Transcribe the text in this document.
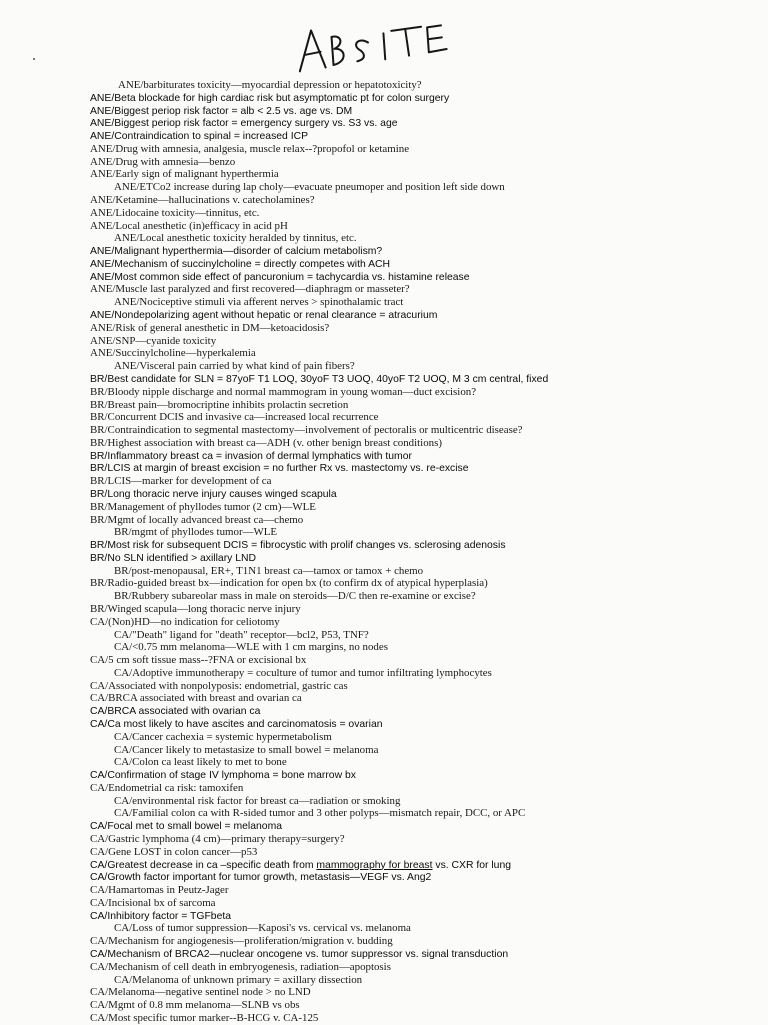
ANE/barbiturates toxicity—myocardial depression or hepatotoxicity?
ANE/Beta blockade for high cardiac risk but asymptomatic pt for colon surgery
ANE/Biggest periop risk factor = alb < 2.5 vs. age vs. DM
ANE/Biggest periop risk factor = emergency surgery vs. S3 vs. age
ANE/Contraindication to spinal = increased ICP
ANE/Drug with amnesia, analgesia, muscle relax--?propofol or ketamine
ANE/Drug with amnesia—benzo
ANE/Early sign of malignant hyperthermia
ANE/ETCo2 increase during lap choly—evacuate pneumoper and position left side down
ANE/Ketamine—hallucinations v. catecholamines?
ANE/Lidocaine toxicity—tinnitus, etc.
ANE/Local anesthetic (in)efficacy in acid pH
ANE/Local anesthetic toxicity heralded by tinnitus, etc.
ANE/Malignant hyperthermia—disorder of calcium metabolism?
ANE/Mechanism of succinylcholine = directly competes with ACH
ANE/Most common side effect of pancuronium = tachycardia vs. histamine release
ANE/Muscle last paralyzed and first recovered—diaphragm or masseter?
ANE/Nociceptive stimuli via afferent nerves > spinothalamic tract
ANE/Nondepolarizing agent without hepatic or renal clearance = atracurium
ANE/Risk of general anesthetic in DM—ketoacidosis?
ANE/SNP—cyanide toxicity
ANE/Succinylcholine—hyperkalemia
ANE/Visceral pain carried by what kind of pain fibers?
BR/Best candidate for SLN = 87yoF T1 LOQ, 30yoF T3 UOQ, 40yoF T2 UOQ, M 3 cm central, fixed
BR/Bloody nipple discharge and normal mammogram in young woman—duct excision?
BR/Breast pain—bromocriptine inhibits prolactin secretion
BR/Concurrent DCIS and invasive ca—increased local recurrence
BR/Contraindication to segmental mastectomy—involvement of pectoralis or multicentric disease?
BR/Highest association with breast ca—ADH (v. other benign breast conditions)
BR/Inflammatory breast ca = invasion of dermal lymphatics with tumor
BR/LCIS at margin of breast excision = no further Rx vs. mastectomy vs. re-excise
BR/LCIS—marker for development of ca
BR/Long thoracic nerve injury causes winged scapula
BR/Management of phyllodes tumor (2 cm)—WLE
BR/Mgmt of locally advanced breast ca—chemo
BR/mgmt of phyllodes tumor—WLE
BR/Most risk for subsequent DCIS = fibrocystic with prolif changes vs. sclerosing adenosis
BR/No SLN identified > axillary LND
BR/post-menopausal, ER+, T1N1 breast ca—tamox or tamox + chemo
BR/Radio-guided breast bx—indication for open bx (to confirm dx of atypical hyperplasia)
BR/Rubbery subareolar mass in male on steroids—D/C then re-examine or excise?
BR/Winged scapula—long thoracic nerve injury
CA/(Non)HD—no indication for celiotomy
CA/"Death" ligand for "death" receptor—bcl2, P53, TNF?
CA/<0.75 mm melanoma—WLE with 1 cm margins, no nodes
CA/5 cm soft tissue mass--?FNA or excisional bx
CA/Adoptive immunotherapy = coculture of tumor and tumor infiltrating lymphocytes
CA/Associated with nonpolyposis: endometrial, gastric cas
CA/BRCA associated with breast and ovarian ca
CA/BRCA associated with ovarian ca
CA/Ca most likely to have ascites and carcinomatosis = ovarian
CA/Cancer cachexia = systemic hypermetabolism
CA/Cancer likely to metastasize to small bowel = melanoma
CA/Colon ca least likely to met to bone
CA/Confirmation of stage IV lymphoma = bone marrow bx
CA/Endometrial ca risk: tamoxifen
CA/environmental risk factor for breast ca—radiation or smoking
CA/Familial colon ca with R-sided tumor and 3 other polyps—mismatch repair, DCC, or APC
CA/Focal met to small bowel = melanoma
CA/Gastric lymphoma (4 cm)—primary therapy=surgery?
CA/Gene LOST in colon cancer—p53
CA/Greatest decrease in ca –specific death from mammography for breast vs. CXR for lung
CA/Growth factor important for tumor growth, metastasis—VEGF vs. Ang2
CA/Hamartomas in Peutz-Jager
CA/Incisional bx of sarcoma
CA/Inhibitory factor = TGFbeta
CA/Loss of tumor suppression—Kaposi's vs. cervical vs. melanoma
CA/Mechanism for angiogenesis—proliferation/migration v. budding
CA/Mechanism of BRCA2—nuclear oncogene vs. tumor suppressor vs. signal transduction
CA/Mechanism of cell death in embryogenesis, radiation—apoptosis
CA/Melanoma of unknown primary = axillary dissection
CA/Melanoma—negative sentinel node > no LND
CA/Mgmt of 0.8 mm melanoma—SLNB vs obs
CA/Most specific tumor marker--B-HCG v. CA-125
